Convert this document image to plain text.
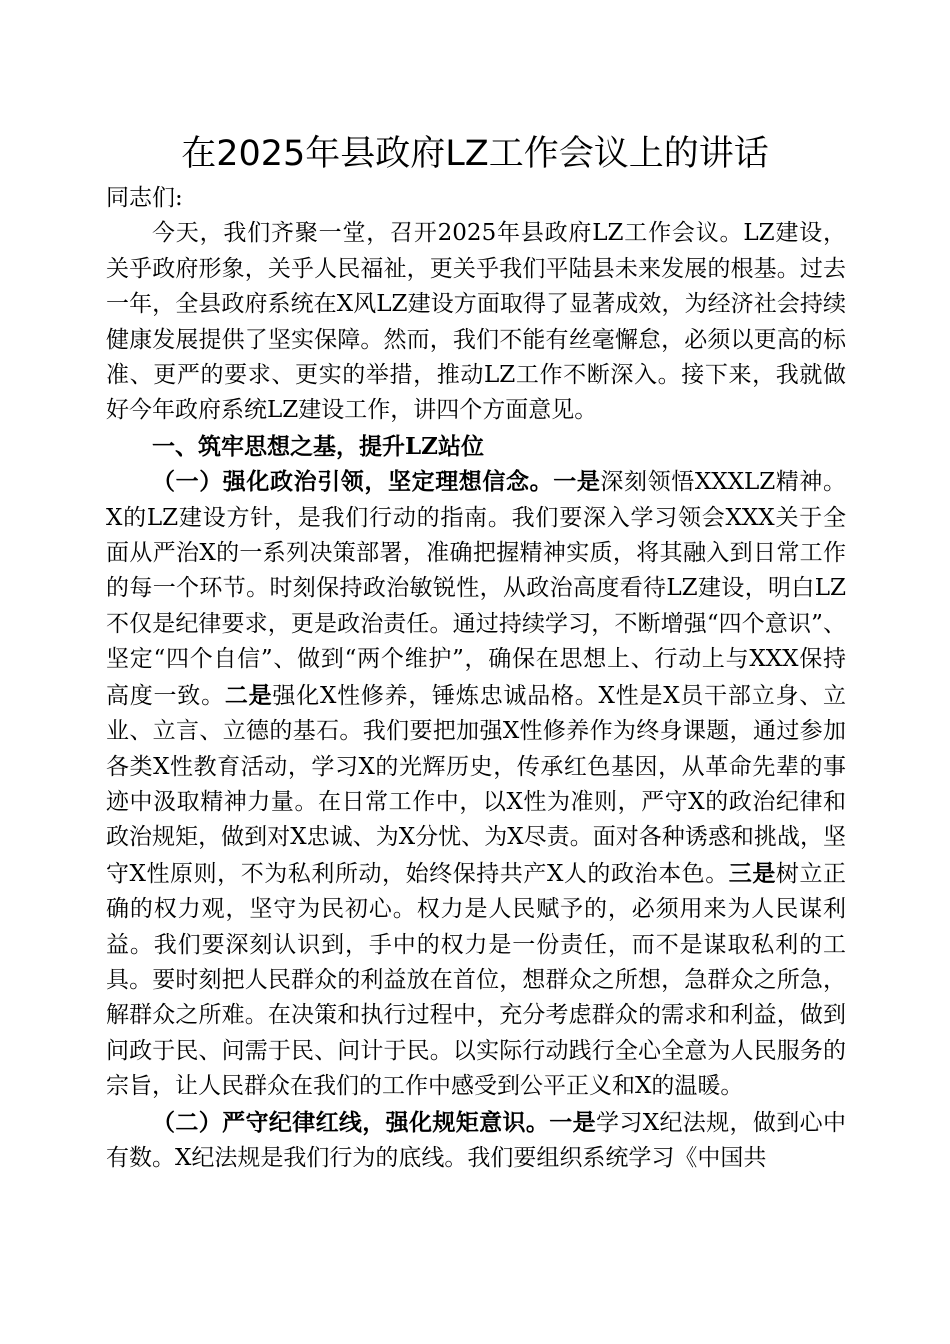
在2025年县政府LZ工作会议上的讲话

同志们:

今天，我们齐聚一堂，召开2025年县政府LZ工作会议。LZ建设，关乎政府形象，关乎人民福祉，更关乎我们平陆县未来发展的根基。过去一年，全县政府系统在X风LZ建设方面取得了显著成效，为经济社会持续健康发展提供了坚实保障。然而，我们不能有丝毫懈怠，必须以更高的标准、更严的要求、更实的举措，推动LZ工作不断深入。接下来，我就做好今年政府系统LZ建设工作，讲四个方面意见。

一、筑牢思想之基，提升LZ站位

（一）强化政治引领，坚定理想信念。一是深刻领悟XXXLZ精神。X的LZ建设方针，是我们行动的指南。我们要深入学习领会XXX关于全面从严治X的一系列决策部署，准确把握精神实质，将其融入到日常工作的每一个环节。时刻保持政治敏锐性，从政治高度看待LZ建设，明白LZ不仅是纪律要求，更是政治责任。通过持续学习，不断增强“四个意识”、坚定“四个自信”、做到“两个维护”，确保在思想上、行动上与XXX保持高度一致。二是强化X性修养，锤炼忠诚品格。X性是X员干部立身、立业、立言、立德的基石。我们要把加强X性修养作为终身课题，通过参加各类X性教育活动，学习X的光辉历史，传承红色基因，从革命先辈的事迹中汲取精神力量。在日常工作中，以X性为准则，严守X的政治纪律和政治规矩，做到对X忠诚、为X分忧、为X尽责。面对各种诱惑和挑战，坚守X性原则，不为私利所动，始终保持共产X人的政治本色。三是树立正确的权力观，坚守为民初心。权力是人民赋予的，必须用来为人民谋利益。我们要深刻认识到，手中的权力是一份责任，而不是谋取私利的工具。要时刻把人民群众的利益放在首位，想群众之所想，急群众之所急，解群众之所难。在决策和执行过程中，充分考虑群众的需求和利益，做到问政于民、问需于民、问计于民。以实际行动践行全心全意为人民服务的宗旨，让人民群众在我们的工作中感受到公平正义和X的温暖。

（二）严守纪律红线，强化规矩意识。一是学习X纪法规，做到心中有数。X纪法规是我们行为的底线。我们要组织系统学习《中国共
